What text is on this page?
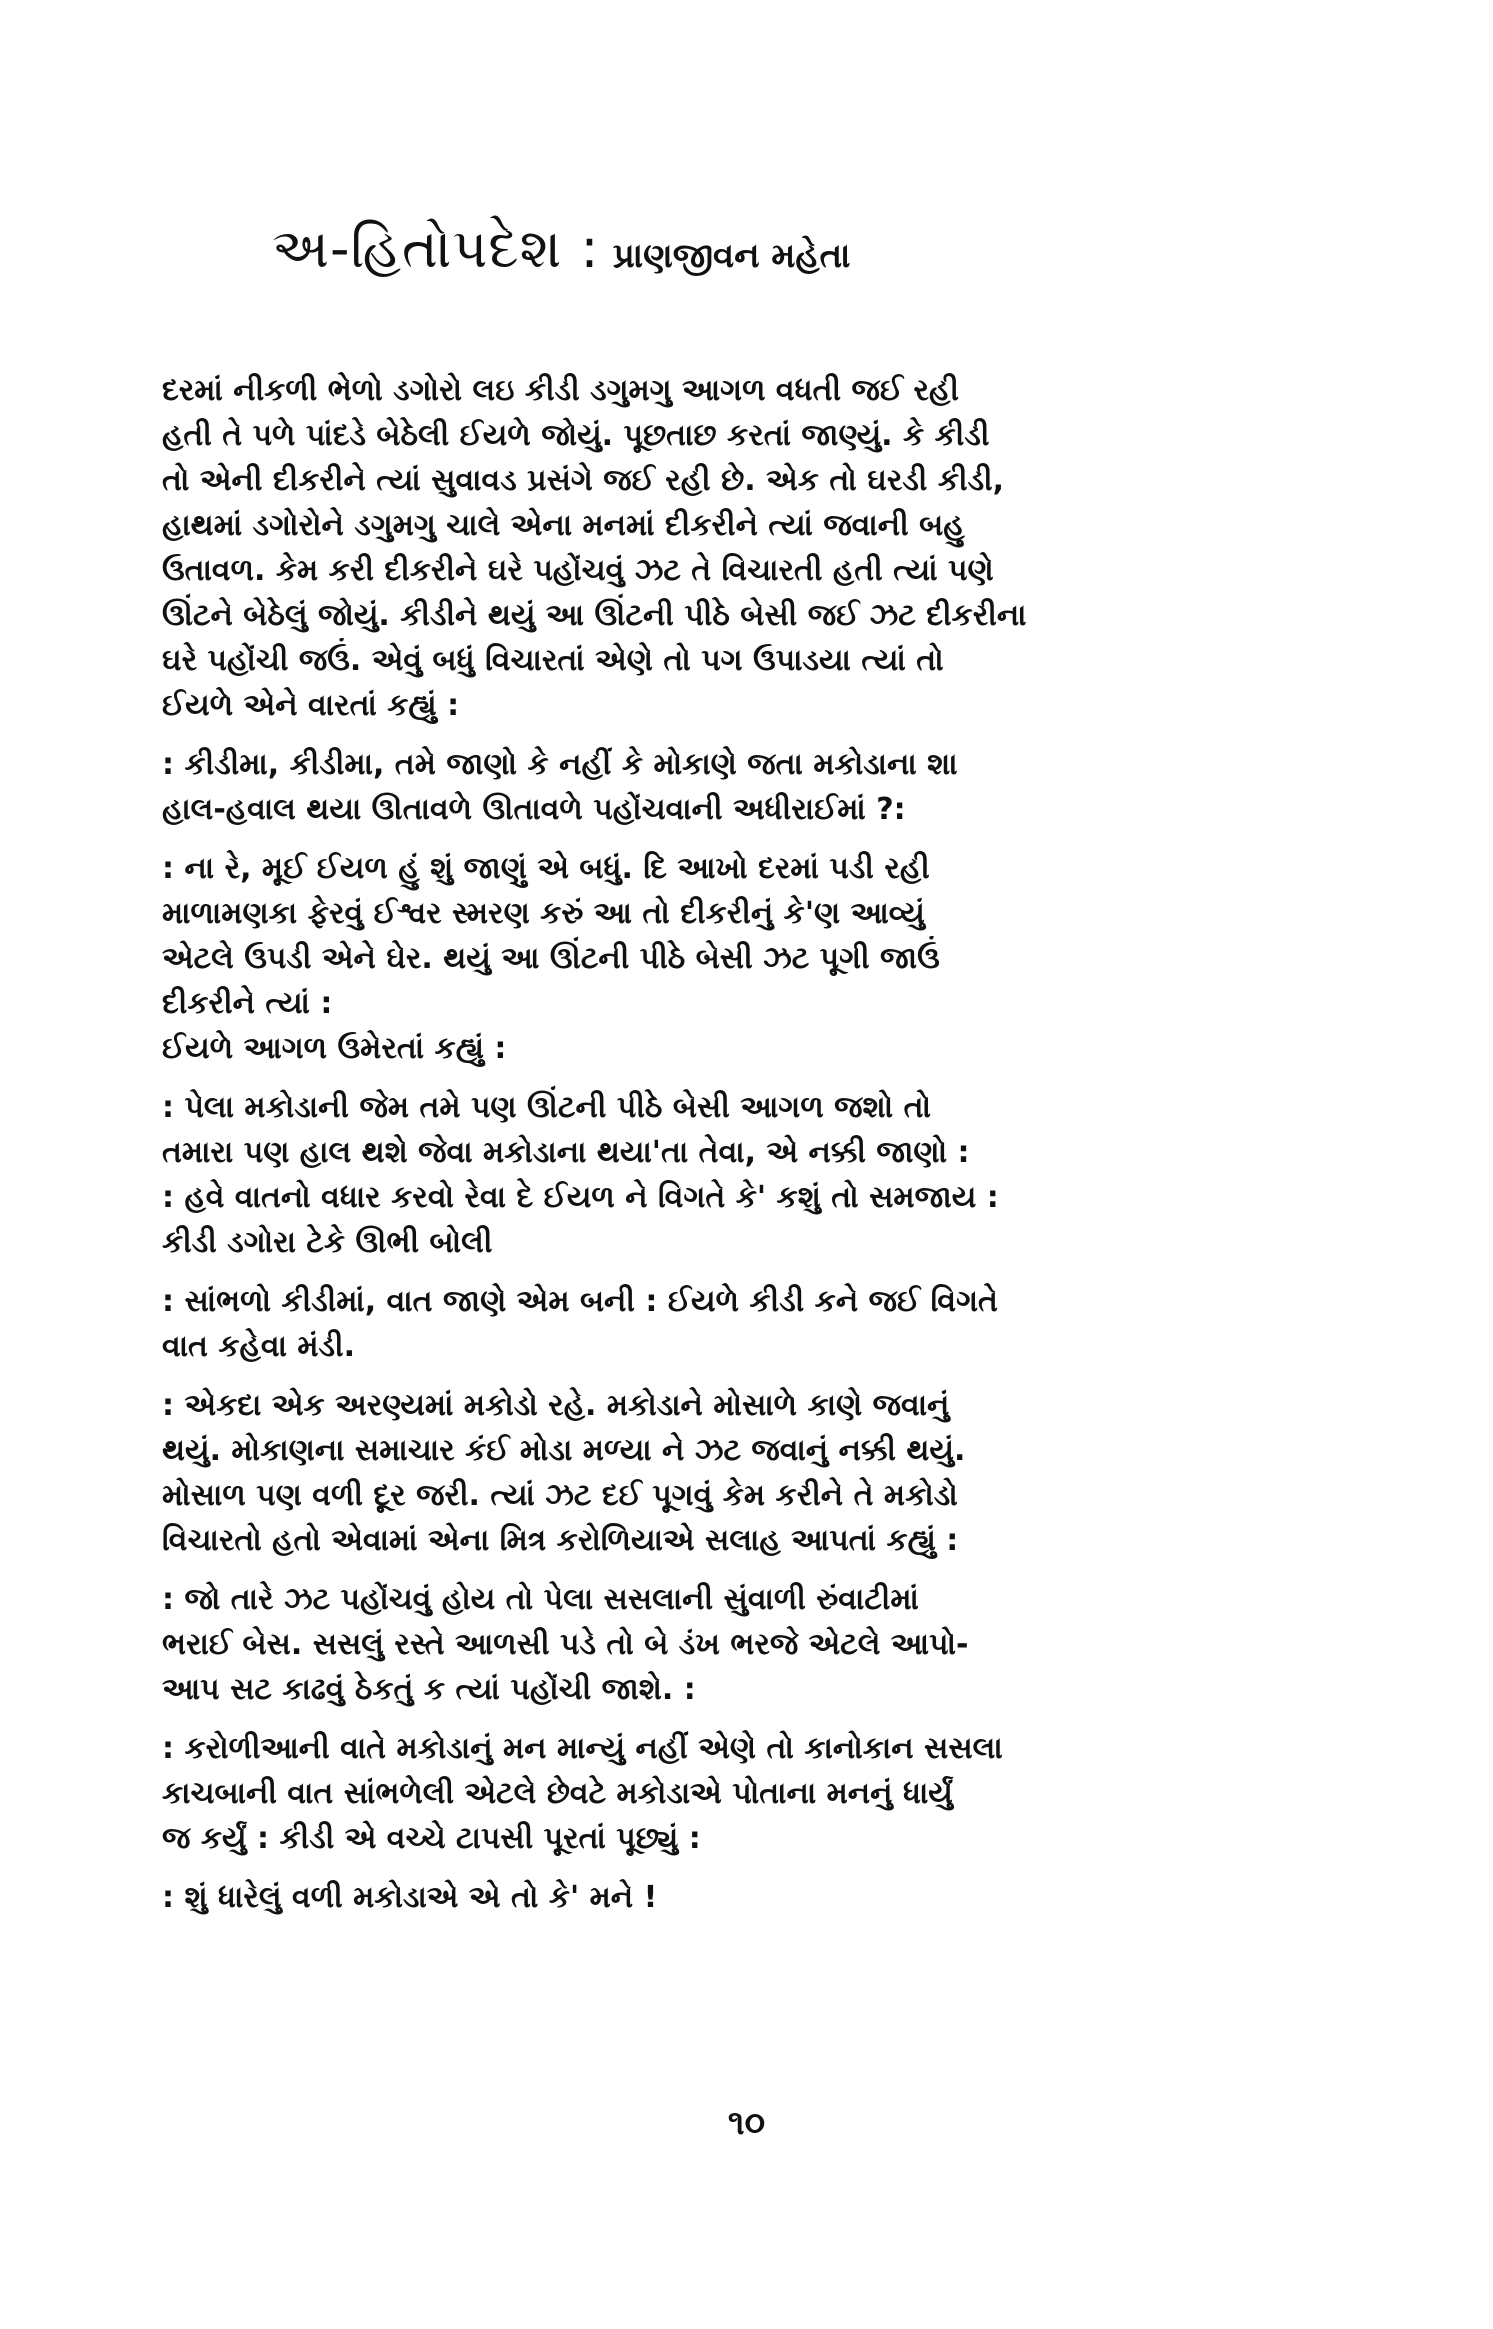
અ-હિતોપદેશ : પ્રાણજીવન મહેતા
દરમાં નીકળી ભેળો ડગોરો લઇ કીડી ડગુમગુ આગળ વધતી જઈ રહી
હતી તે પળે પાંદડે બેઠેલી ઈયળે જોયું. પૂછતાછ કરતાં જાણ્યું. કે કીડી
તો એની દીકરીને ત્યાં સુવાવડ પ્રસંગે જઈ રહી છે. એક તો ઘરડી કીડી,
હાથમાં ડગોરોને ડગુમગુ ચાલે એના મનમાં દીકરીને ત્યાં જવાની બહુ
ઉતાવળ. કેમ કરી દીકરીને ઘરે પહોંચવું ઝટ તે વિચારતી હતી ત્યાં પણે
ઊંટને બેઠેલું જોયું. કીડીને થયું આ ઊંટની પીઠે બેસી જઈ ઝટ દીકરીના
ઘરે પહોંચી જઉં. એવું બધું વિચારતાં એણે તો પગ ઉપાડયા ત્યાં તો
ઈયળે એને વારતાં કહ્યું :
: કીડીમા, કીડીમા, તમે જાણો કે નહીં કે મોકાણે જતા મકોડાના શા
હાલ-હવાલ થયા ઊતાવળે ઊતાવળે પહોંચવાની અધીરાઈમાં ?:
: ના રે, મૂઈ ઈયળ હું શું જાણું એ બધું. દિ આખો દરમાં પડી રહી
માળામણકા ફેરવું ઈશ્વર સ્મરણ કરું આ તો દીકરીનું કે'ણ આવ્યું
એટલે ઉપડી એને ઘેર. થયું આ ઊંટની પીઠે બેસી ઝટ પૂગી જાઉં
દીકરીને ત્યાં :
ઈયળે આગળ ઉમેરતાં કહ્યું :
: પેલા મકોડાની જેમ તમે પણ ઊંટની પીઠે બેસી આગળ જશો તો
તમારા પણ હાલ થશે જેવા મકોડાના થયા'તા તેવા, એ નક્કી જાણો :
: હવે વાતનો વધાર કરવો રેવા દે ઈયળ ને વિગતે કે' કશું તો સમજાય :
કીડી ડગોરા ટેકે ઊભી બોલી
: સાંભળો કીડીમાં, વાત જાણે એમ બની : ઈયળે કીડી કને જઈ વિગતે
વાત કહેવા મંડી.
: એકદા એક અરણ્યમાં મકોડો રહે. મકોડાને મોસાળે કાણે જવાનું
થયું. મોકાણના સમાચાર કંઈ મોડા મળ્યા ને ઝટ જવાનું નક્કી થયું.
મોસાળ પણ વળી દૂર જરી. ત્યાં ઝટ દઈ પૂગવું કેમ કરીને તે મકોડો
વિચારતો હતો એવામાં એના મિત્ર કરોળિયાએ સલાહ આપતાં કહ્યું :
: જો તારે ઝટ પહોંચવું હોય તો પેલા સસલાની સુંવાળી રુંવાટીમાં
ભરાઈ બેસ. સસલું રસ્તે આળસી પડે તો બે ડંખ ભરજે એટલે આપો-
આપ સટ કાઢવું ઠેકતું ક ત્યાં પહોંચી જાશે. :
: કરોળીઆની વાતે મકોડાનું મન માન્યું નહીં એણે તો કાનોકાન સસલા
કાચબાની વાત સાંભળેલી એટલે છેવટે મકોડાએ પોતાના મનનું ધાર્યું
જ કર્યું : કીડી એ વચ્ચે ટાપસી પૂરતાં પૂછ્યું :
: શું ધારેલું વળી મકોડાએ એ તો કે' મને !
૧૦
